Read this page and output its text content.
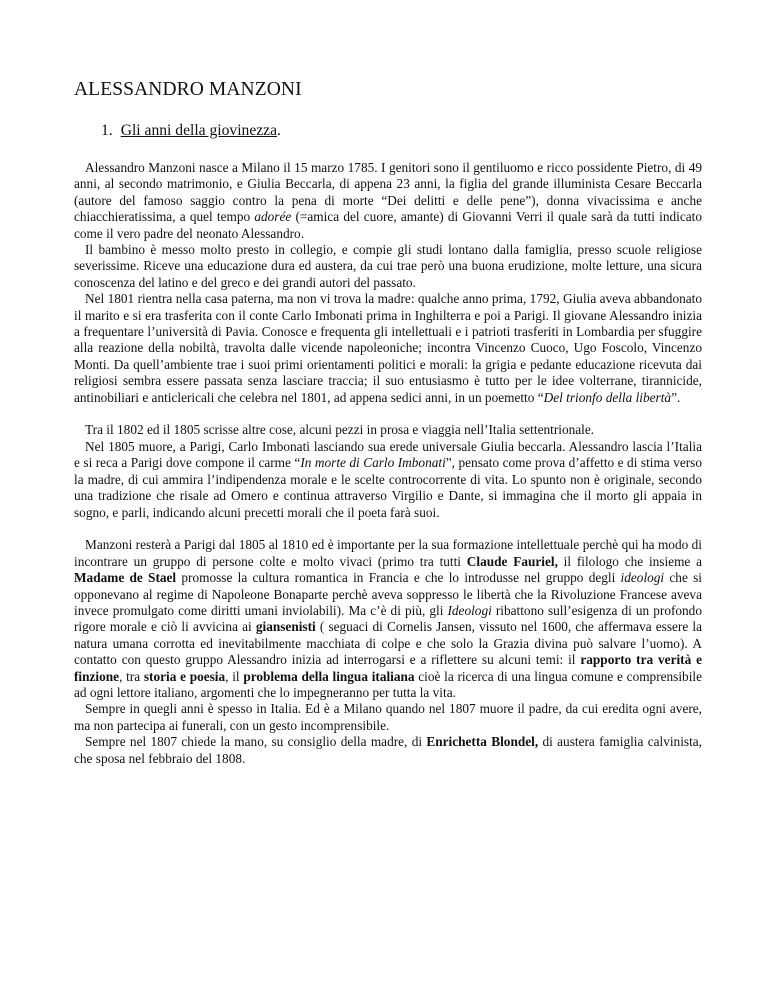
ALESSANDRO MANZONI
1. Gli anni della giovinezza.

Alessandro Manzoni nasce a Milano il 15 marzo 1785. I genitori sono il gentiluomo e ricco possidente Pietro, di 49 anni, al secondo matrimonio, e Giulia Beccarla, di appena 23 anni, la figlia del grande illuminista Cesare Beccarla (autore del famoso saggio contro la pena di morte “Dei delitti e delle pene”), donna vivacissima e anche chiacchieratissima, a quel tempo adorée (=amica del cuore, amante) di Giovanni Verri il quale sarà da tutti indicato come il vero padre del neonato Alessandro.

Il bambino è messo molto presto in collegio, e compie gli studi lontano dalla famiglia, presso scuole religiose severissime. Riceve una educazione dura ed austera, da cui trae però una buona erudizione, molte letture, una sicura conoscenza del latino e del greco e dei grandi autori del passato.

Nel 1801 rientra nella casa paterna, ma non vi trova la madre: qualche anno prima, 1792, Giulia aveva abbandonato il marito e si era trasferita con il conte Carlo Imbonati prima in Inghilterra e poi a Parigi. Il giovane Alessandro inizia a frequentare l’università di Pavia. Conosce e frequenta gli intellettuali e i patrioti trasferiti in Lombardia per sfuggire alla reazione della nobiltà, travolta dalle vicende napoleoniche; incontra Vincenzo Cuoco, Ugo Foscolo, Vincenzo Monti. Da quell’ambiente trae i suoi primi orientamenti politici e morali: la grigia e pedante educazione ricevuta dai religiosi sembra essere passata senza lasciare traccia; il suo entusiasmo è tutto per le idee volterrane, tirannicide, antinobiliari e anticlericali che celebra nel 1801, ad appena sedici anni, in un poemetto “Del trionfo della libertà”.

Tra il 1802 ed il 1805 scrisse altre cose, alcuni pezzi in prosa e viaggia nell’Italia settentrionale.

Nel 1805 muore, a Parigi, Carlo Imbonati lasciando sua erede universale Giulia beccarla. Alessandro lascia l’Italia e si reca a Parigi dove compone il carme “In morte di Carlo Imbonati”, pensato come prova d’affetto e di stima verso la madre, di cui ammira l’indipendenza morale e le scelte controcorrente di vita. Lo spunto non è originale, secondo una tradizione che risale ad Omero e continua attraverso Virgilio e Dante, si immagina che il morto gli appaia in sogno, e parli, indicando alcuni precetti morali che il poeta farà suoi.

Manzoni resterà a Parigi dal 1805 al 1810 ed è importante per la sua formazione intellettuale perchè qui ha modo di incontrare un gruppo di persone colte e molto vivaci (primo tra tutti Claude Fauriel, il filologo che insieme a Madame de Stael promosse la cultura romantica in Francia e che lo introdusse nel gruppo degli ideologi che si opponevano al regime di Napoleone Bonaparte perchè aveva soppresso le libertà che la Rivoluzione Francese aveva invece promulgato come diritti umani inviolabili). Ma c’è di più, gli Ideologi ribattono sull’esigenza di un profondo rigore morale e ciò li avvicina ai giansenisti ( seguaci di Cornelis Jansen, vissuto nel 1600, che affermava essere la natura umana corrotta ed inevitabilmente macchiata di colpe e che solo la Grazia divina può salvare l’uomo). A contatto con questo gruppo Alessandro inizia ad interrogarsi e a riflettere su alcuni temi: il rapporto tra verità e finzione, tra storia e poesia, il problema della lingua italiana cioè la ricerca di una lingua comune e comprensibile ad ogni lettore italiano, argomenti che lo impegneranno per tutta la vita.

Sempre in quegli anni è spesso in Italia. Ed è a Milano quando nel 1807 muore il padre, da cui eredita ogni avere, ma non partecipa ai funerali, con un gesto incomprensibile.

Sempre nel 1807 chiede la mano, su consiglio della madre, di Enrichetta Blondel, di austera famiglia calvinista, che sposa nel febbraio del 1808.
